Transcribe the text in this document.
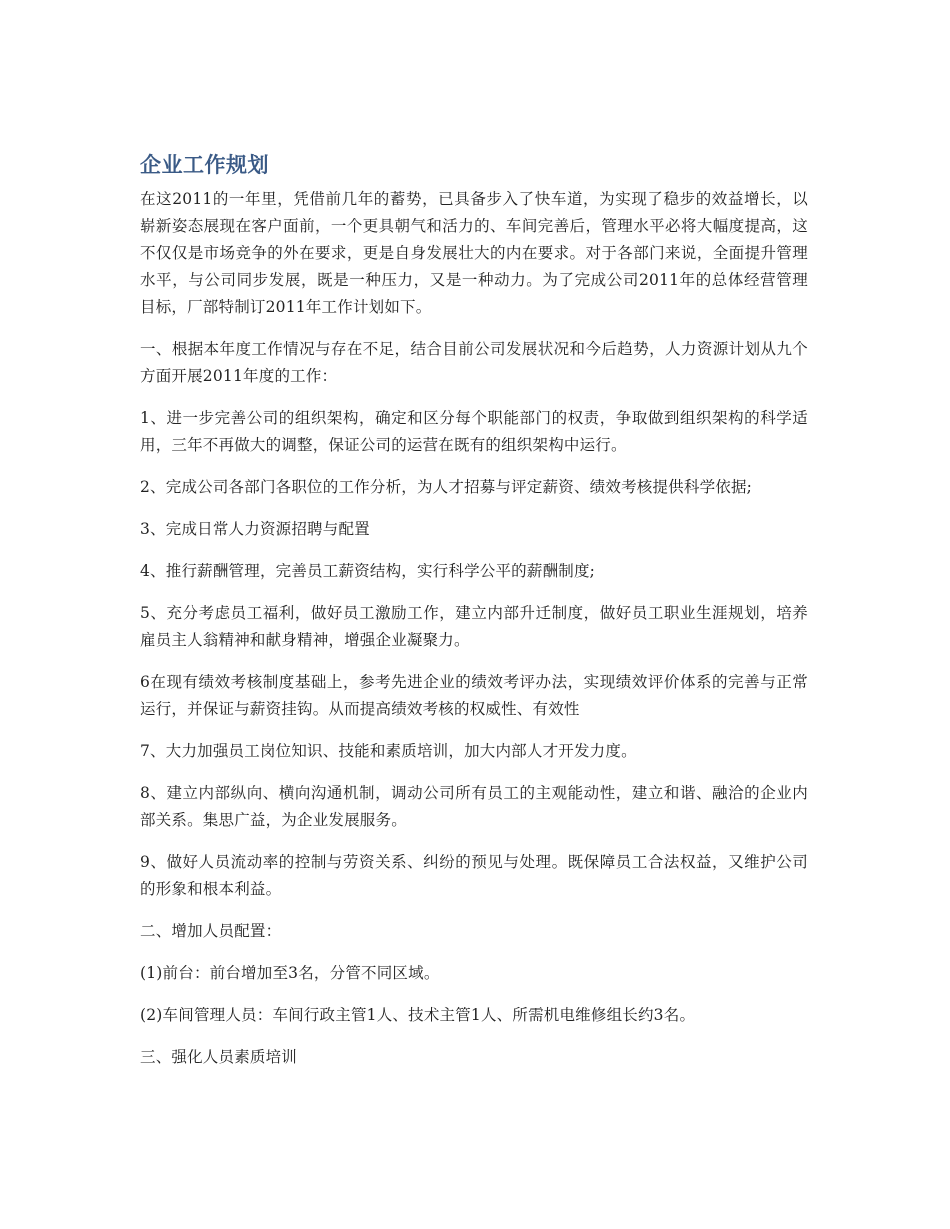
企业工作规划

在这2011的一年里，凭借前几年的蓄势，已具备步入了快车道，为实现了稳步的效益增长，以崭新姿态展现在客户面前，一个更具朝气和活力的、车间完善后，管理水平必将大幅度提高，这不仅仅是市场竞争的外在要求，更是自身发展壮大的内在要求。对于各部门来说，全面提升管理水平，与公司同步发展，既是一种压力，又是一种动力。为了完成公司2011年的总体经营管理目标，厂部特制订2011年工作计划如下。

一、根据本年度工作情况与存在不足，结合目前公司发展状况和今后趋势，人力资源计划从九个方面开展2011年度的工作：

1、进一步完善公司的组织架构，确定和区分每个职能部门的权责，争取做到组织架构的科学适用，三年不再做大的调整，保证公司的运营在既有的组织架构中运行。

2、完成公司各部门各职位的工作分析，为人才招募与评定薪资、绩效考核提供科学依据;

3、完成日常人力资源招聘与配置

4、推行薪酬管理，完善员工薪资结构，实行科学公平的薪酬制度;

5、充分考虑员工福利，做好员工激励工作，建立内部升迁制度，做好员工职业生涯规划，培养雇员主人翁精神和献身精神，增强企业凝聚力。

6在现有绩效考核制度基础上，参考先进企业的绩效考评办法，实现绩效评价体系的完善与正常运行，并保证与薪资挂钩。从而提高绩效考核的权威性、有效性

7、大力加强员工岗位知识、技能和素质培训，加大内部人才开发力度。

8、建立内部纵向、横向沟通机制，调动公司所有员工的主观能动性，建立和谐、融洽的企业内部关系。集思广益，为企业发展服务。

9、做好人员流动率的控制与劳资关系、纠纷的预见与处理。既保障员工合法权益，又维护公司的形象和根本利益。

二、增加人员配置：

(1)前台：前台增加至3名，分管不同区域。

(2)车间管理人员：车间行政主管1人、技术主管1人、所需机电维修组长约3名。

三、强化人员素质培训
